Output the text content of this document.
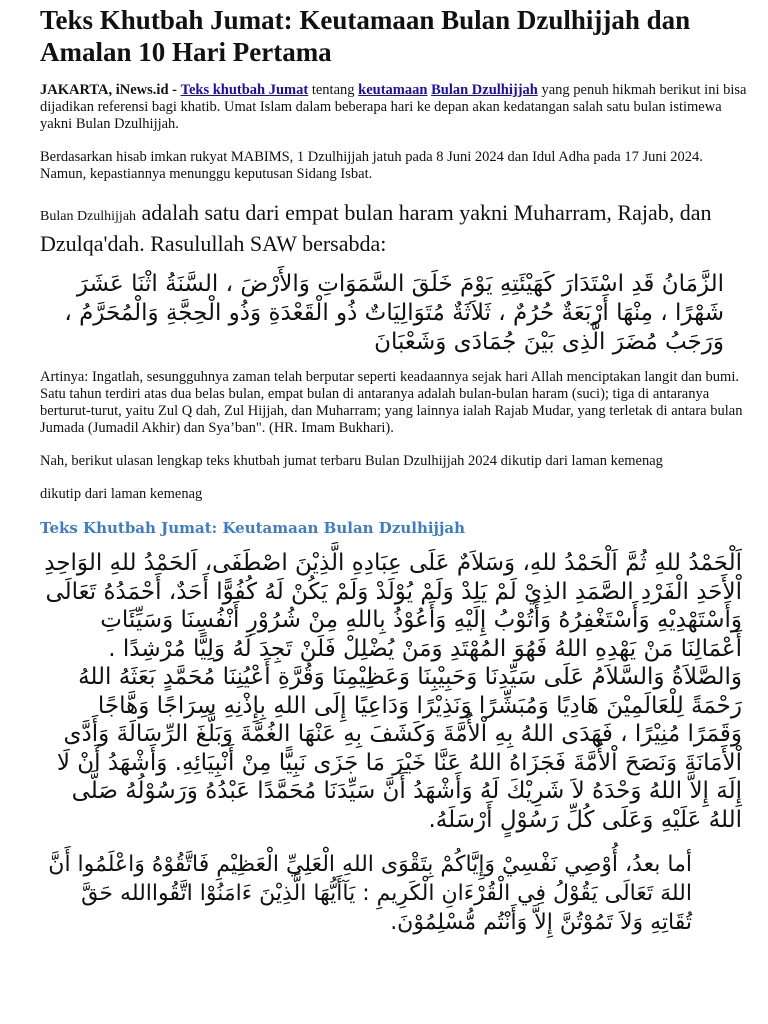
Teks Khutbah Jumat: Keutamaan Bulan Dzulhijjah dan Amalan 10 Hari Pertama

JAKARTA, iNews.id - Teks khutbah Jumat tentang keutamaan Bulan Dzulhijjah yang penuh hikmah berikut ini bisa dijadikan referensi bagi khatib. Umat Islam dalam beberapa hari ke depan akan kedatangan salah satu bulan istimewa yakni Bulan Dzulhijjah.

Berdasarkan hisab imkan rukyat MABIMS, 1 Dzulhijjah jatuh pada 8 Juni 2024 dan Idul Adha pada 17 Juni 2024. Namun, kepastiannya menunggu keputusan Sidang Isbat.

Bulan Dzulhijjah adalah satu dari empat bulan haram yakni Muharram, Rajab, dan Dzulqa'dah. Rasulullah SAW bersabda:

الزَّمَانُ قَدِ اسْتَدَارَ كَهَيْئَتِهِ يَوْمَ خَلَقَ السَّمَوَاتِ وَالأَرْضَ ، السَّنَةُ اثْنَا عَشَرَ شَهْرًا ، مِنْهَا أَرْبَعَةٌ حُرُمٌ ، ثَلاَثَةٌ مُتَوَالِيَاتٌ ذُو الْقَعْدَةِ وَذُو الْحِجَّةِ وَالْمُحَرَّمُ ، وَرَجَبُ مُضَرَ الَّذِى بَيْنَ جُمَادَى وَشَعْبَانَ

Artinya: Ingatlah, sesungguhnya zaman telah berputar seperti keadaannya sejak hari Allah menciptakan langit dan bumi. Satu tahun terdiri atas dua belas bulan, empat bulan di antaranya adalah bulan-bulan haram (suci); tiga di antaranya berturut-turut, yaitu Zul Q dah, Zul Hijjah, dan Muharram; yang lainnya ialah Rajab Mudar, yang terletak di antara bulan Jumada (Jumadil Akhir) dan Sya’ban". (HR. Imam Bukhari).

Nah, berikut ulasan lengkap teks khutbah jumat terbaru Bulan Dzulhijjah 2024 dikutip dari laman kemenag

dikutip dari laman kemenag

Teks Khutbah Jumat: Keutamaan Bulan Dzulhijjah

اَلْحَمْدُ للهِ ثُمَّ اَلْحَمْدُ للهِ، وَسَلاَمٌ عَلَى عِبَادِهِ الَّذِيْنَ اصْطَفَى، اَلحَمْدُ للهِ الوَاحِدِ اْلأَحَدِ الْفَرْدِ الصَّمَدِ الذِيْ لَمْ يَلِدْ وَلَمْ يُوْلَدْ وَلَمْ يَكُنْ لَهُ كُفُوًّا أَحَدٌ، أَحْمَدُهُ تَعَالَى وَأَسْتَهْدِيْهِ وَأَسْتَغْفِرُهُ وَأَتُوْبُ إِلَيْهِ وَأَعُوْذُ بِاللهِ مِنْ شُرُوْرِ أَنْفُسِنَا وَسَيِّئَاتِ أَعْمَالِنَا مَنْ يَهْدِهِ اللهُ فَهُوَ المُهْتَدِ وَمَنْ يُضْلِلْ فَلَنْ تَجِدَ لَهُ وَلِيًّا مُرْشِدًا . وَالصَّلاَةُ وَالسَّلاَمُ عَلَى سَيِّدِنَا وَحَبِيْبِنَا وَعَظِيْمِنَا وَقُرَّةِ أَعْيُنِنَا مُحَمَّدٍ بَعَثَهُ اللهُ رَحْمَةً لِلْعَالَمِيْنَ هَادِيًا وَمُبَشِّرًا وَنَذِيْرًا وَدَاعِيًا إِلَى اللهِ بِإِذْنِهِ سِرَاجًا وَهَّاجًا وَقَمَرًا مُنِيْرًا ، فَهَدَى اللهُ بِهِ اْلأُمَّةَ وَكَشَفَ بِهِ عَنْهَا الغُمَّةَ وَبَلَّغَ الرِّسَالَةَ وَأَدَّى اْلأَمَانَةَ وَنَصَحَ اْلأُمَّةَ فَجَزَاهُ اللهُ عَنَّا خَيْرَ مَا جَزَى نَبِيًّا مِنْ أَنْبِيَائِهِ. وَأَشْهَدُ أَنْ لَا إِلَهَ إِلاَّ اللهُ وَحْدَهُ لاَ شَرِيْكَ لَهُ وَأَشْهَدُ أَنَّ سَيِّدَنَا مُحَمَّدًا عَبْدُهُ وَرَسُوْلُهُ صَلَّى اللهُ عَلَيْهِ وَعَلَى كُلِّ رَسُوْلٍ أَرْسَلَهُ.

أما بعدُ، أُوْصِي نَفْسِيْ وَإِيَّاكُمْ بِتَقْوَى اللهِ الْعَلِيِّ الْعَظِيْمِ فَاتَّقُوْهُ وَاعْلَمُوا أَنَّ اللهَ تَعَالَى يَقُوْلُ فِي الْقُرْءَانِ الْكَرِيمِ : يَآأَيُّهَا الَّذِيْنَ ءَامَنُوْا اتَّقُواالله حَقَّ تُقَاتِهِ وَلاَ تَمُوْتُنَّ إِلاَّ وَأَنْتُم مُّسْلِمُوْنَ.
